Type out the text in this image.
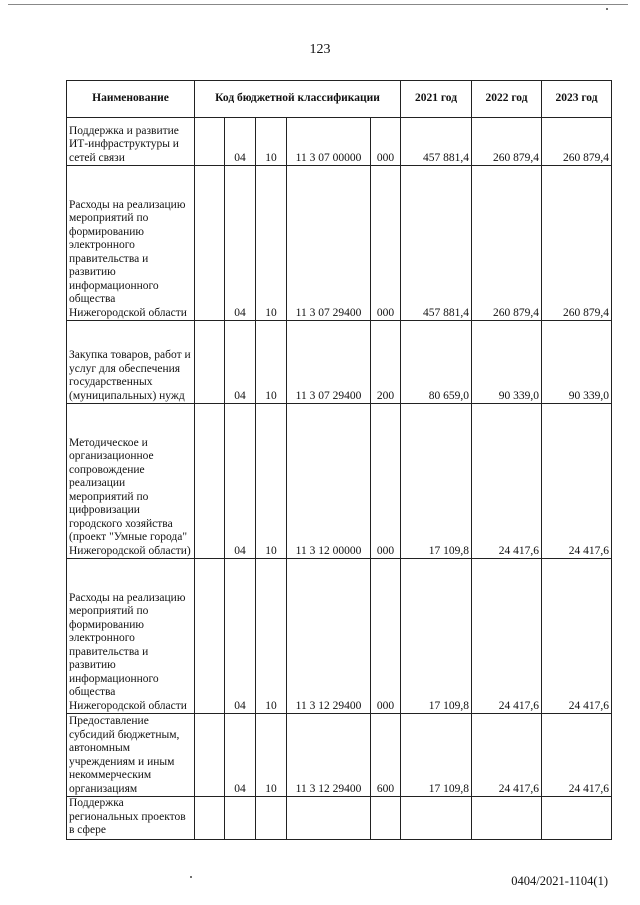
123
Наименование	Код бюджетной классификации					2021 год	2022 год	2023 год
Поддержка и развитие ИТ-инфраструктуры и сетей связи		04	10	11 3 07 00000	000	457 881,4	260 879,4	260 879,4
Расходы на реализацию мероприятий по формированию электронного правительства и развитию информационного общества Нижегородской области		04	10	11 3 07 29400	000	457 881,4	260 879,4	260 879,4
Закупка товаров, работ и услуг для обеспечения государственных (муниципальных) нужд		04	10	11 3 07 29400	200	80 659,0	90 339,0	90 339,0
Методическое и организационное сопровождение реализации мероприятий по цифровизации городского хозяйства (проект "Умные города" Нижегородской области)		04	10	11 3 12 00000	000	17 109,8	24 417,6	24 417,6
Расходы на реализацию мероприятий по формированию электронного правительства и развитию информационного общества Нижегородской области		04	10	11 3 12 29400	000	17 109,8	24 417,6	24 417,6
Предоставление субсидий бюджетным, автономным учреждениям и иным некоммерческим организациям		04	10	11 3 12 29400	600	17 109,8	24 417,6	24 417,6
Поддержка региональных проектов в сфере								
0404/2021-1104(1)
